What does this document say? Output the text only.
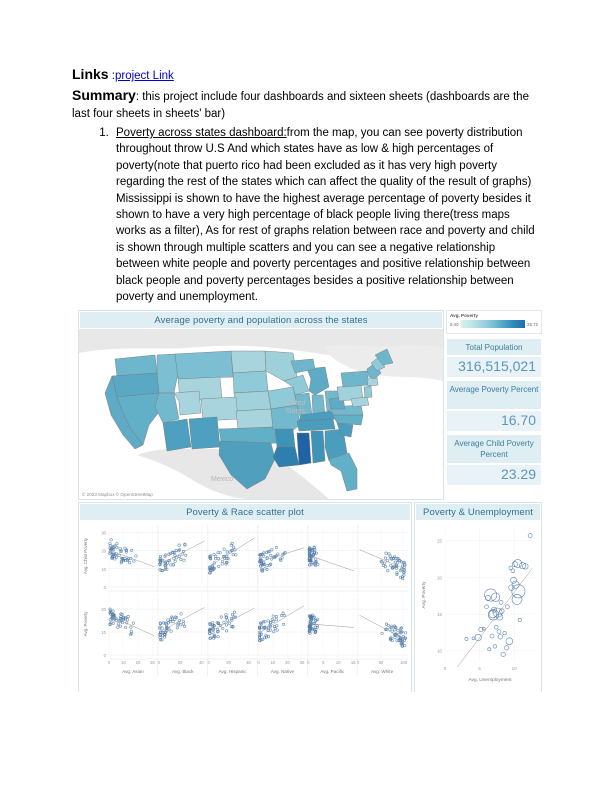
Links :project Link

Summary: this project include four dashboards and sixteen sheets (dashboards are the last four sheets in sheets' bar)

1. Poverty across states dashboard:from the map, you can see poverty distribution throughout throw U.S And which states have as low & high percentages of poverty(note that puerto rico had been excluded as it has very high poverty regarding the rest of the states which can affect the quality of the result of graphs) Mississippi is shown to have the highest average percentage of poverty besides it shown to have a very high percentage of black people living there(tress maps works as a filter), As for rest of graphs relation between race and poverty and child is shown through multiple scatters and you can see a negative relationship between white people and poverty percentages and positive relationship between black people and poverty percentages besides a positive relationship between poverty and unemployment.
Average poverty and population across the states
United
States
Mexico
© 2023 Mapbox © OpenStreetMap
Avg. Poverty
9.40	25.72
Total Population
316,515,021
Average Poverty Percent
16.70
Average Child Poverty Percent
23.29
Poverty & Race scatter plot
0
10
20
30
Avg. Child Poverty
0
10
20
Avg. Poverty
0	10 20 30
Avg. Asian
0	20	40
Avg. Black
0	20	40
Avg. Hispanic
0	10 20 30
Avg. Native
0	5	10 15
Avg. Pacific
0	50	100
Avg. White
Poverty & Unemployment
10
15
20
25
0	5	10
Avg. Unemployment
Avg. Poverty
